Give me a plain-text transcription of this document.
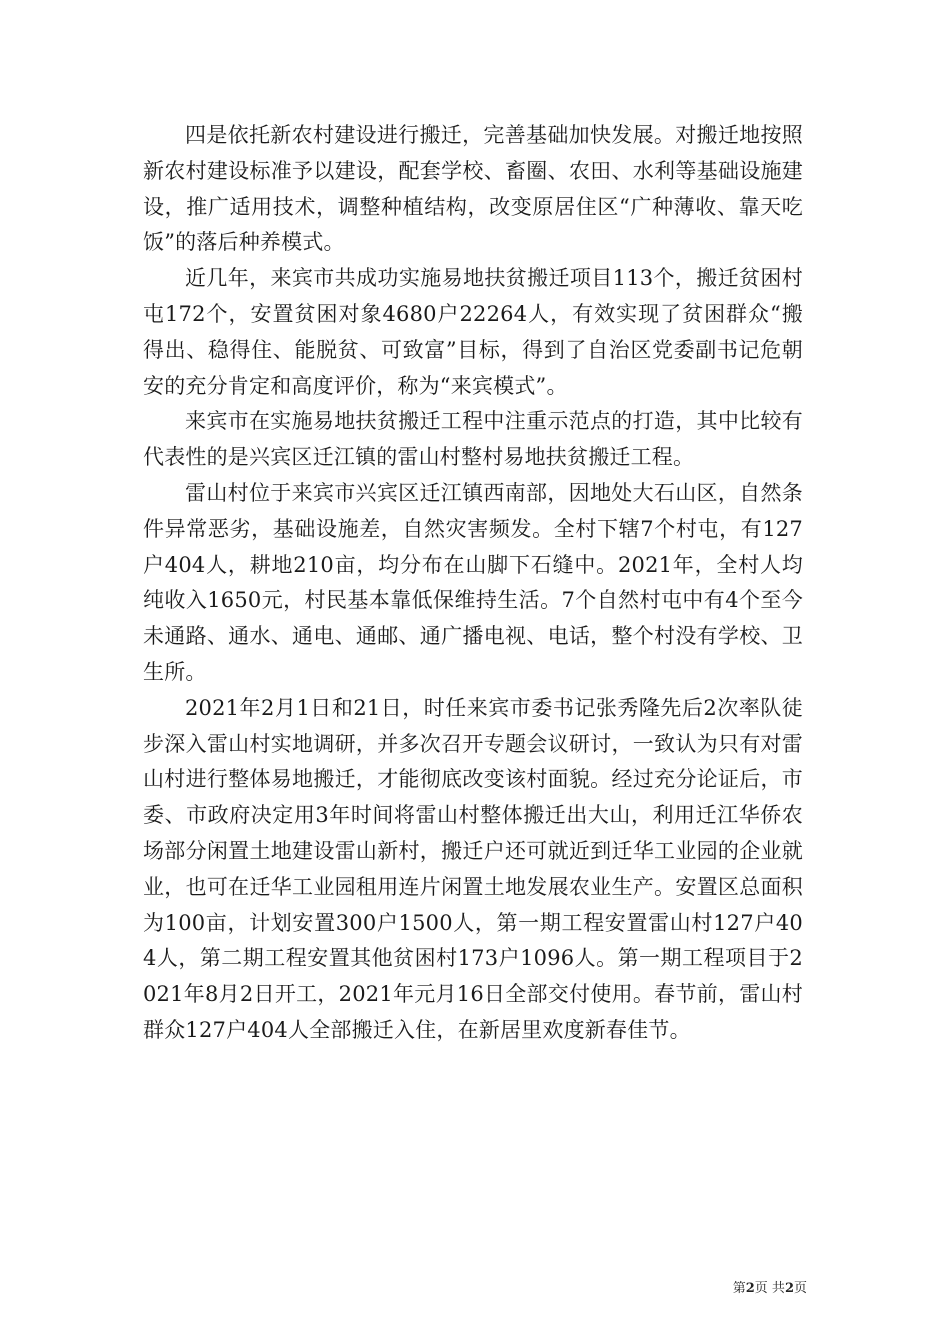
四是依托新农村建设进行搬迁，完善基础加快发展。对搬迁地按照新农村建设标准予以建设，配套学校、畜圈、农田、水利等基础设施建设，推广适用技术，调整种植结构，改变原居住区“广种薄收、靠天吃饭”的落后种养模式。

近几年，来宾市共成功实施易地扶贫搬迁项目113个，搬迁贫困村屯172个，安置贫困对象4680户22264人，有效实现了贫困群众“搬得出、稳得住、能脱贫、可致富”目标，得到了自治区党委副书记危朝安的充分肯定和高度评价，称为“来宾模式”。

来宾市在实施易地扶贫搬迁工程中注重示范点的打造，其中比较有代表性的是兴宾区迁江镇的雷山村整村易地扶贫搬迁工程。

雷山村位于来宾市兴宾区迁江镇西南部，因地处大石山区，自然条件异常恶劣，基础设施差，自然灾害频发。全村下辖7个村屯，有127户404人，耕地210亩，均分布在山脚下石缝中。2021年，全村人均纯收入1650元，村民基本靠低保维持生活。7个自然村屯中有4个至今未通路、通水、通电、通邮、通广播电视、电话，整个村没有学校、卫生所。

2021年2月1日和21日，时任来宾市委书记张秀隆先后2次率队徒步深入雷山村实地调研，并多次召开专题会议研讨，一致认为只有对雷山村进行整体易地搬迁，才能彻底改变该村面貌。经过充分论证后，市委、市政府决定用3年时间将雷山村整体搬迁出大山，利用迁江华侨农场部分闲置土地建设雷山新村，搬迁户还可就近到迁华工业园的企业就业，也可在迁华工业园租用连片闲置土地发展农业生产。安置区总面积为100亩，计划安置300户1500人，第一期工程安置雷山村127户404人，第二期工程安置其他贫困村173户1096人。第一期工程项目于2021年8月2日开工，2021年元月16日全部交付使用。春节前，雷山村群众127户404人全部搬迁入住，在新居里欢度新春佳节。

第2页 共2页
